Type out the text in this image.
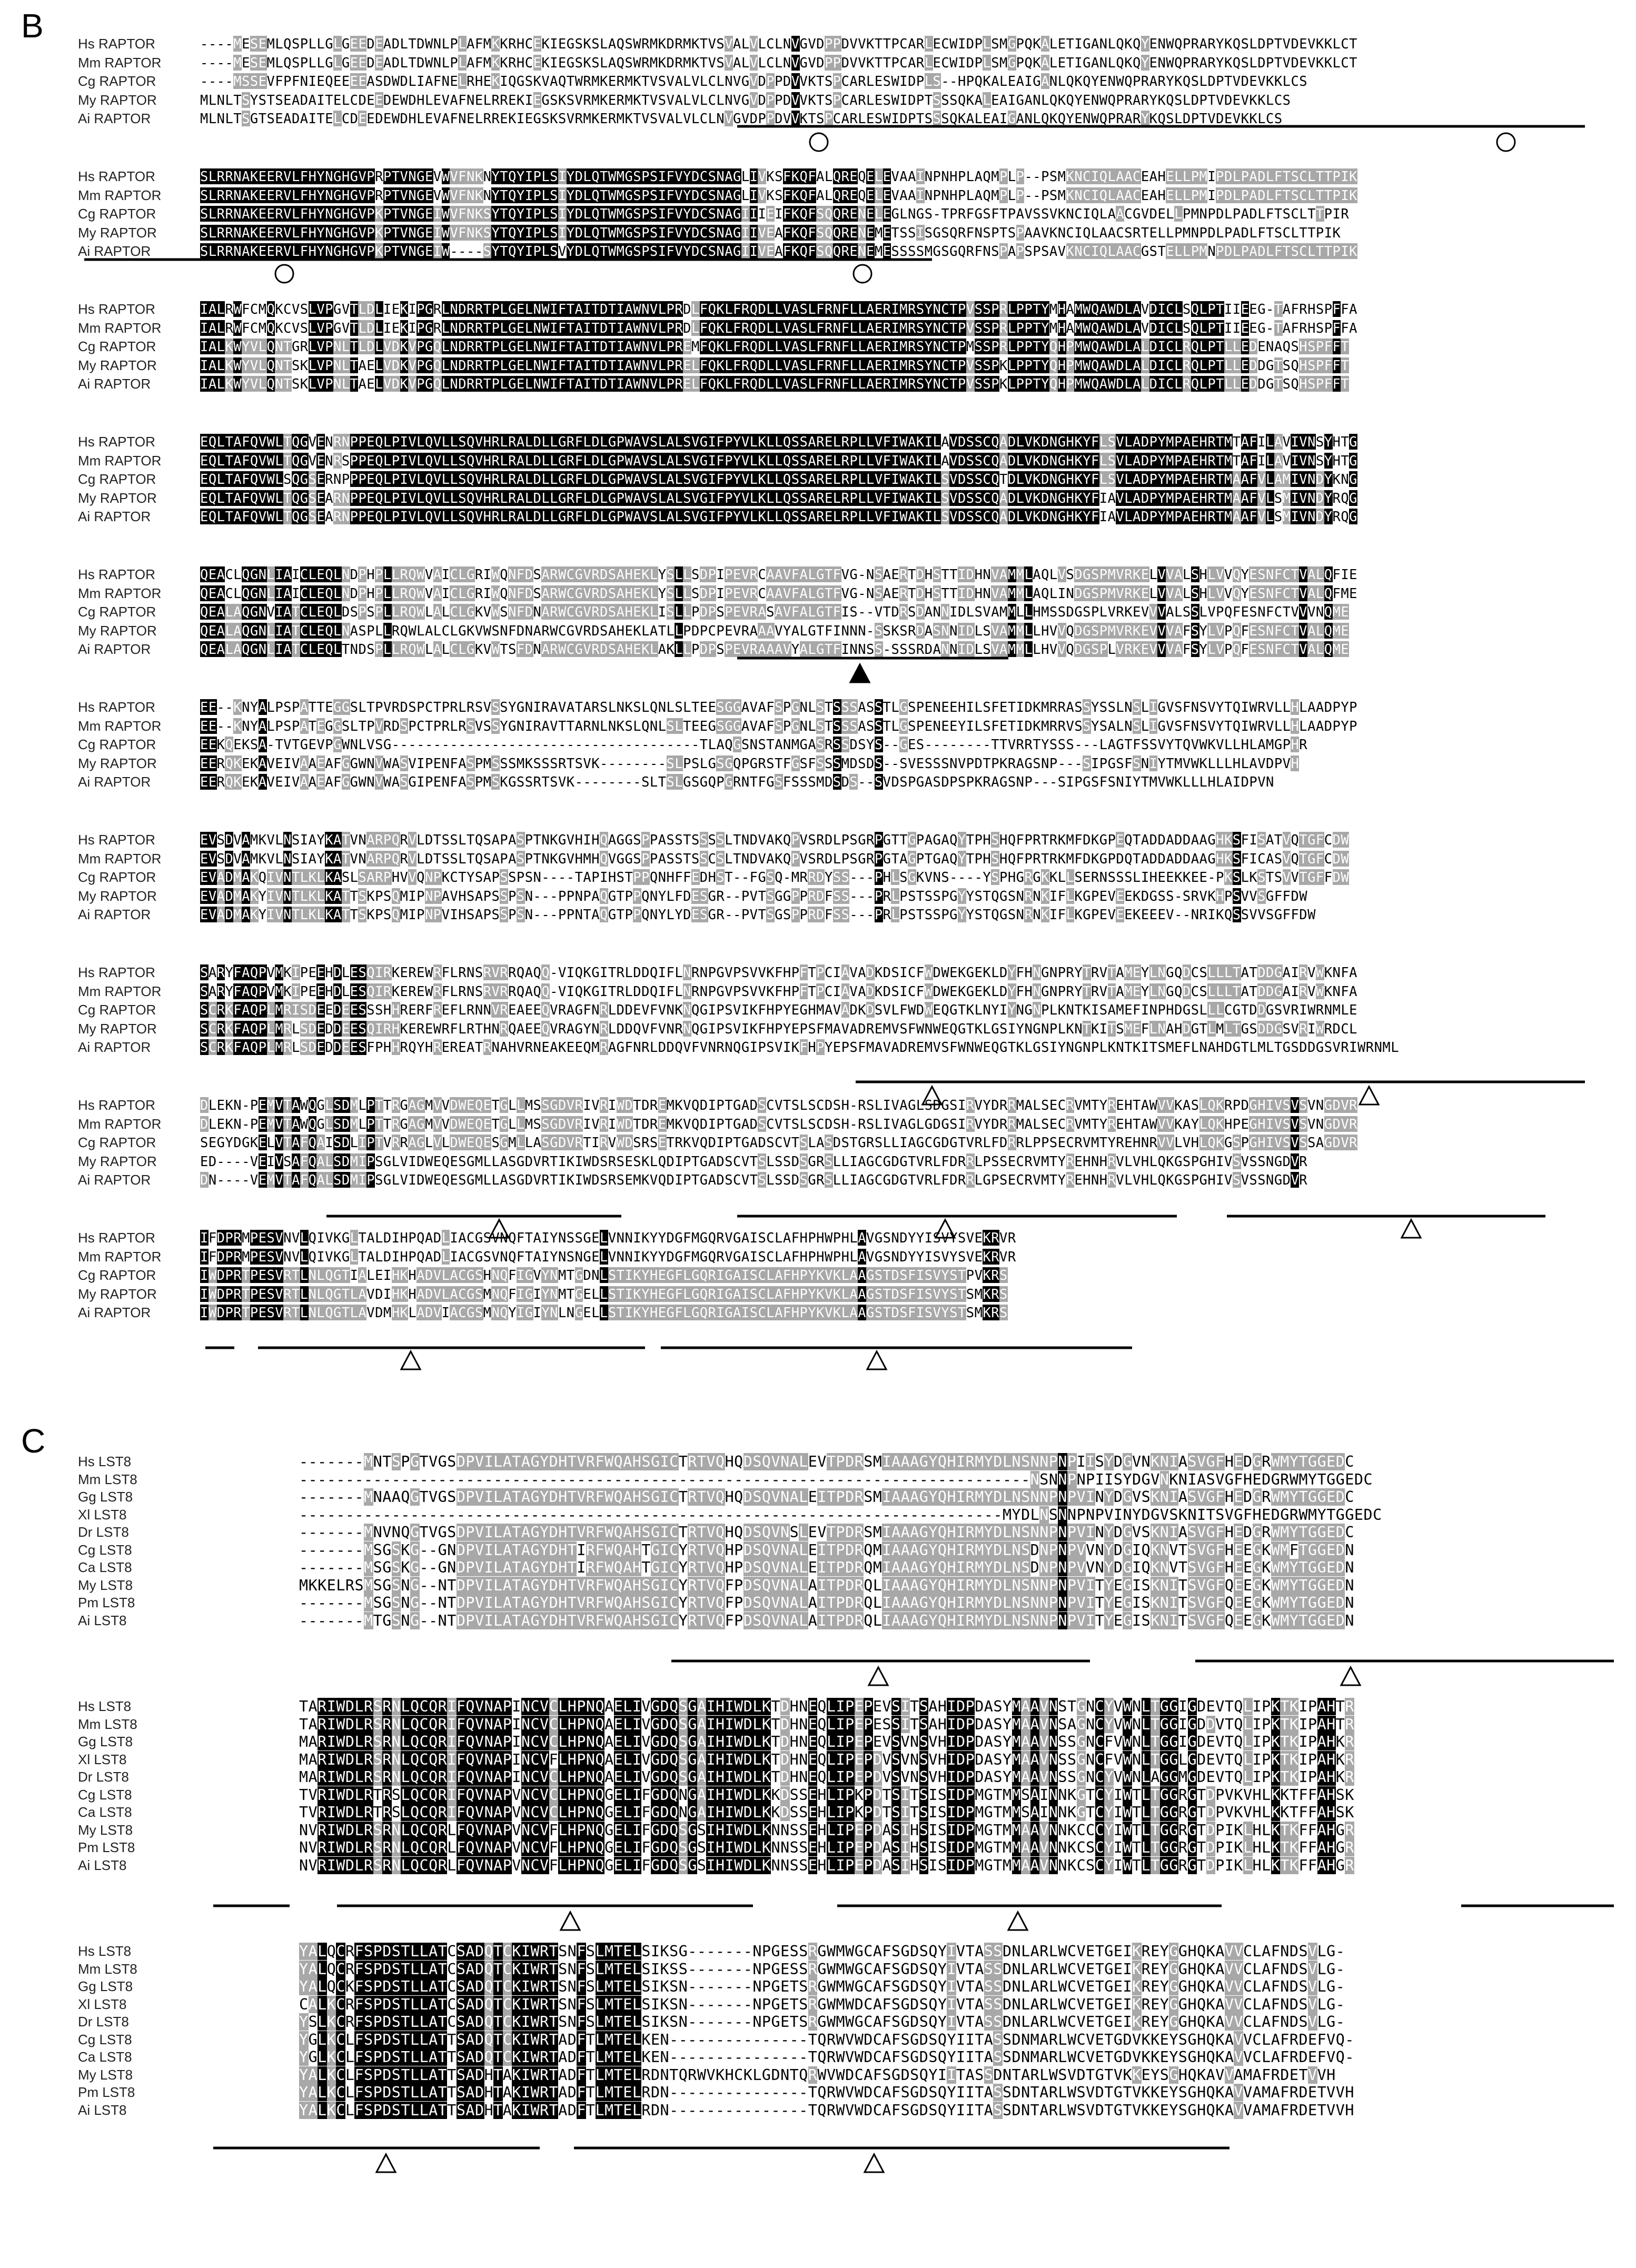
B	Hs RAPTOR	----MESEMLQSPLLGLGEEDEADLTDWNLPLAFMKKRHCEKIEGSKSLAQSWRMKDRMKTVSVALVLCLNVGVDPPDVVKTTPCARLECWIDPLSMGPQKALETIGANLQKQYENWQPRARYKQSLDPTVDEVKKLCT
Mm RAPTOR	----MESEMLQSPLLGLGEEDEADLTDWNLPLAFMKKRHCEKIEGSKSLAQSWRMKDRMKTVSVALVLCLNVGVDPPDVVKTTPCARLECWIDPLSMGPQKALETIGANLQKQYENWQPRARYKQSLDPTVDEVKKLCT
Cg RAPTOR	----MSSEVFPFNIEQEEEEASDWDLIAFNELRHEKIQGSKVAQTWRMKERMKTVSVALVLCLNVGVDPPDVVKTSPCARLESWIDPLS--HPQKALEAIGANLQKQYENWQPRARYKQSLDPTVDEVKKLCS
My RAPTOR	MLNLTSYSTSEADAITELCDEEDEWDHLEVAFNELRREKIEGSKSVRMKERMKTVSVALVLCLNVGVDPPDVVKTSPCARLESWIDPTSSSQKALEAIGANLQKQYENWQPRARYKQSLDPTVDEVKKLCS
Ai RAPTOR	MLNLTSGTSEADAITELCDEEDEWDHLEVAFNELRREKIEGSKSVRMKERMKTVSVALVLCLNVGVDPPDVVKTSPCARLESWIDPTSSSQKALEAIGANLQKQYENWQPRARYKQSLDPTVDEVKKLCS
Hs RAPTOR	SLRRNAKEERVLFHYNGHGVPRPTVNGEVWVFNKNYTQYIPLSIYDLQTWMGSPSIFVYDCSNAGLIVKSFKQFALQREQELEVAAINPNHPLAQMPLP--PSMKNCIQLAACEAHELLPMIPDLPADLFTSCLTTPIK
Mm RAPTOR	SLRRNAKEERVLFHYNGHGVPRPTVNGEVWVFNKNYTQYIPLSIYDLQTWMGSPSIFVYDCSNAGLIVKSFKQFALQREQELEVAAINPNHPLAQMPLP--PSMKNCIQLAACEAHELLPMIPDLPADLFTSCLTTPIK
Cg RAPTOR	SLRRNAKEERVLFHYNGHGVPKPTVNGEIWVFNKSYTQYIPLSIYDLQTWMGSPSIFVYDCSNAGIIIEIFKQFSQQRENELEGLNGS-TPRFGSFTPAVSSVKNCIQLAACGVDELLPMNPDLPADLFTSCLTTPIR
My RAPTOR	SLRRNAKEERVLFHYNGHGVPKPTVNGEIWVFNKSYTQYIPLSIYDLQTWMGSPSIFVYDCSNAGIIVEAFKQFSQQRENEMETSSISGSQRFNSPTSPAAVKNCIQLAACSRTELLPMNPDLPADLFTSCLTTPIK
Ai RAPTOR	SLRRNAKEERVLFHYNGHGVPKPTVNGEIW----SYTQYIPLSVYDLQTWMGSPSIFVYDCSNAGIIVEAFKQFSQQRENEMESSSSMGSGQRFNSPAPSPSAVKNCIQLAACGSTELLPMNPDLPADLFTSCLTTPIK
Hs RAPTOR	IALRWFCMQKCVSLVPGVTLDLIEKIPGRLNDRRTPLGELNWIFTAITDTIAWNVLPRDLFQKLFRQDLLVASLFRNFLLAERIMRSYNCTPVSSPRLPPTYMHAMWQAWDLAVDICLSQLPTIIEEG-TAFRHSPFFA
Mm RAPTOR	IALRWFCMQKCVSLVPGVTLDLIEKIPGRLNDRRTPLGELNWIFTAITDTIAWNVLPRDLFQKLFRQDLLVASLFRNFLLAERIMRSYNCTPVSSPRLPPTYMHAMWQAWDLAVDICLSQLPTIIEEG-TAFRHSPFFA
Cg RAPTOR	IALKWYVLQNTGRLVPNLTLDLVDKVPGQLNDRRTPLGELNWIFTAITDTIAWNVLPREMFQKLFRQDLLVASLFRNFLLAERIMRSYNCTPMSSPRLPPTYQHPMWQAWDLALDICLRQLPTLLEDENAQSHSPFFT
My RAPTOR	IALKWYVLQNTSKLVPNLTAELVDKVPGQLNDRRTPLGELNWIFTAITDTIAWNVLPRELFQKLFRQDLLVASLFRNFLLAERIMRSYNCTPVSSPKLPPTYQHPMWQAWDLALDICLRQLPTLLEDDGTSQHSPFFT
Ai RAPTOR	IALKWYVLQNTSKLVPNLTAELVDKVPGQLNDRRTPLGELNWIFTAITDTIAWNVLPRELFQKLFRQDLLVASLFRNFLLAERIMRSYNCTPVSSPKLPPTYQHPMWQAWDLALDICLRQLPTLLEDDGTSQHSPFFT
Hs RAPTOR	EQLTAFQVWLTQGVENRNPPEQLPIVLQVLLSQVHRLRALDLLGRFLDLGPWAVSLALSVGIFPYVLKLLQSSARELRPLLVFIWAKILAVDSSCQADLVKDNGHKYFLSVLADPYMPAEHRTMTAFILAVIVNSYHTG
Mm RAPTOR	EQLTAFQVWLTQGVENRSPPEQLPIVLQVLLSQVHRLRALDLLGRFLDLGPWAVSLALSVGIFPYVLKLLQSSARELRPLLVFIWAKILAVDSSCQADLVKDNGHKYFLSVLADPYMPAEHRTMTAFILAVIVNSYHTG
Cg RAPTOR	EQLTAFQVWLSQGSERNPPPEQLPIVLQVLLSQVHRLRALDLLGRFLDLGPWAVSLALSVGIFPYVLKLLQSSARELRPLLVFIWAKILSVDSSCQTDLVKDNGHKYFLSVLADPYMPAEHRTMAAFVLAMIVNDYKNG
My RAPTOR	EQLTAFQVWLTQGSEARNPPEQLPIVLQVLLSQVHRLRALDLLGRFLDLGPWAVSLALSVGIFPYVLKLLQSSARELRPLLVFIWAKILSVDSSCQADLVKDNGHKYFIAVLADPYMPAEHRTMAAFVLSMIVNDYRQG
Ai RAPTOR	EQLTAFQVWLTQGSEARNPPEQLPIVLQVLLSQVHRLRALDLLGRFLDLGPWAVSLALSVGIFPYVLKLLQSSARELRPLLVFIWAKILSVDSSCQADLVKDNGHKYFIAVLADPYMPAEHRTMAAFVLSMIVNDYRQG
Hs RAPTOR	QEACLQGNLIAICLEQLNDPHPLLRQWVAICLGRIWQNFDSARWCGVRDSAHEKLYSLLSDPIPEVRCAAVFALGTFVG-NSAERTDHSTTIDHNVAMMLAQLVSDGSPMVRKELVVALSHLVVQYESNFCTVALQFIE
Mm RAPTOR	QEACLQGNLIAICLEQLNDPHPLLRQWVAICLGRIWQNFDSARWCGVRDSAHEKLYSLLSDPIPEVRCAAVFALGTFVG-NSAERTDHSTTIDHNVAMMLAQLINDGSPMVRKELVVALSHLVVQYESNFCTVALQFME
Cg RAPTOR	QEALAQGNVIATCLEQLDSPSPLLRQWLALCLGKVWSNFDNARWCGVRDSAHEKLISLLPDPSPEVRASAVFALGTFIS--VTDRSDANNIDLSVAMMLLHMSSDGSPLVRKEVVVALSSLVPQFESNFCTVVVNQME
My RAPTOR	QEALAQGNLIATCLEQLNASPLLRQWLALCLGKVWSNFDNARWCGVRDSAHEKLATLLPDPCPEVRAAAVYALGTFINNN-SSKSRDASNNIDLSVAMMLLHVVQDGSPMVRKEVVVAFSYLVPQFESNFCTVALQME
Ai RAPTOR	QEALAQGNLIATCLEQLTNDSPLLRQWLALCLGKVWTSFDNARWCGVRDSAHEKLAKLLPDPSPEVRAAAVYALGTFINNSS-SSSRDANNIDLSVAMMLLHVVQDGSPLVRKEVVVAFSYLVPQFESNFCTVALQME
Hs RAPTOR	EE--KNYALPSPATTEGGSLTPVRDSPCTPRLRSVSSYGNIRAVATARSLNKSLQNLSLTEESGGAVAFSPGNLSTSSSASSTLGSPENEEHILSFETIDKMRRASSYSSLNSLIGVSFNSVYTQIWRVLLHLAADPYP
Mm RAPTOR	EE--KNYALPSPATEGGSLTPVRDSPCTPRLRSVSSYGNIRAVTTARNLNKSLQNLSLTEEGSGGAVAFSPGNLSTSSSASSTLGSPENEEYILSFETIDKMRRVSSYSALNSLIGVSFNSVYTQIWRVLLHLAADPYP
Cg RAPTOR	EEKQEKSA-TVTGEVPGWNLVSG-------------------------------------TLAQGSNSTANMGASRSSDSYS--GES--------TTVRRTYSSS---LAGTFSSVYTQVWKVLLHLAMGPHR
My RAPTOR	EERQKEKAVEIVAAEAFGGWNVWASVIPENFASPMSSSMKSSSRTSVK--------SLPSLGSGQPGRSTFGSFSSSMDSDS--SVESSSNVPDTPKRAGSNP---SIPGSFSNIYTMVWKLLLHLAVDPVH
Ai RAPTOR	EERQKEKAVEIVAAEAFGGWNVWASGIPENFASPMSKGSSRTSVK--------SLTSLGSGQPGRNTFGSFSSSMDSDS--SVDSPGASDPSPKRAGSNP---SIPGSFSNIYTMVWKLLLHLAIDPVN
Hs RAPTOR	EVSDVAMKVLNSIAYKATVNARPQRVLDTSSLTQSAPASPTNKGVHIHQAGGSPPASSTSSSSLTNDVAKQPVSRDLPSGRPGTTGPAGAQYTPHSHQFPRTRKMFDKGPEQTADDADDAAGHKSFISATVQTGFCDW
Mm RAPTOR	EVSDVAMKVLNSIAYKATVNARPQRVLDTSSLTQSAPASPTNKGVHMHQVGGSPPASSTSSCSLTNDVAKQPVSRDLPSGRPGTAGPTGAQYTPHSHQFPRTRKMFDKGPDQTADDADDAAGHKSFICASVQTGFCDW
Cg RAPTOR	EVADMAKQIVNTLKLKASLSARPHVVQNPKCTYSAPSSPSN----TAPIHSTPPQNHFFEDHST--FGSQ-MRRDYSS---PHLSGKVNS----YSPHGRGKKLLSERNSSSLIHEEKKEE-PKSLKSTSVVTGFFDW
My RAPTOR	EVADMAKYIVNTLKLKATTSKPSQMIPNPAVHSAPSSPSN---PPNPAQGTPPQNYLFDESGR--PVTSGGPPRDFSS---PRLPSTSSPGYYSTQGSNRNKIFLKGPEVEEKDGSS-SRVKHPSVVSGFFDW
Ai RAPTOR	EVADMAKYIVNTLKLKATTSKPSQMIPNPVIHSAPSSPSN---PPNTAQGTPPQNYLYDESGR--PVTSGSPPRDFSS---PRLPSTSSPGYYSTQGSNRNKIFLKGPEVEEKEEEV--NRIKQSSVVSGFFDW
Hs RAPTOR	SARYFAQPVMKIPEEHDLESQIRKEREWRFLRNSRVRRQAQQ-VIQKGITRLDDQIFLNRNPGVPSVVKFHPFTPCIAVADKDSICFWDWEKGEKLDYFHNGNPRYTRVTAMEYLNGQDCSLLLTATDDGAIRVWKNFA
Mm RAPTOR	SARYFAQPVMKIPEEHDLESQIRKEREWRFLRNSRVRRQAQQ-VIQKGITRLDDQIFLNRNPGVPSVVKFHPFTPCIAVADKDSICFWDWEKGEKLDYFHNGNPRYTRVTAMEYLNGQDCSLLLTATDDGAIRVWKNFA
Cg RAPTOR	SCRKFAQPLMRISDEEDEESSSHHRERFREFLRNNVREAEEQVRAGFNRLDDEVFVNKNQGIPSVIKFHPYEGHMAVADKDSVLFWDWEQGTKLNYIYNGNPLKNTKISAMEFINPHDGSLLLCGTDDGSVRIWRNMLE
My RAPTOR	SCRKFAQPLMRLSDEDDEESQIRHKEREWRFLRTHNRQAEEQVRAGYNRLDDQVFVNRNQGIPSVIKFHPYEPSFMAVADREMVSFWNWEQGTKLGSIYNGNPLKNTKITSMEFLNAHDGTLMLTGSDDGSVRIWRDCL
Ai RAPTOR	SCRKFAQPLMRLSDEDDEESFPHHRQYHREREATRNAHVRNEAKEEQMRAGFNRLDDQVFVNRNQGIPSVIKFHPYEPSFMAVADREMVSFWNWEQGTKLGSIYNGNPLKNTKITSMEFLNAHDGTLMLTGSDDGSVRIWRNML
Hs RAPTOR	DLEKN-PEMVTAWQGLSDMLPTTRGAGMVVDWEQETGLLMSSGDVRIVRIWDTDREMKVQDIPTGADSCVTSLSCDSH-RSLIVAGLSDGSIRVYDRRMALSECRVMTYREHTAWVVKASLQKRPDGHIVSVSVNGDVR
Mm RAPTOR	DLEKN-PEMVTAWQGLSDMLPTTRGAGMVVDWEQETGLLMSSGDVRIVRIWDTDREMKVQDIPTGADSCVTSLSCDSH-RSLIVAGLGDGSIRVYDRRMALSECRVMTYREHTAWVVKAYLQKHPEGHIVSVSVNGDVR
Cg RAPTOR	SEGYDGKELVTAFQAISDLIPTVRRAGLVLDWEQESGMLLASGDVRTIRVWDSRSETRKVQDIPTGADSCVTSLASDSTGRSLLIAGCGDGTVRLFDRRLPPSECRVMTYREHNRVVLVHLQKGSPGHIVSVSSAGDVR
My RAPTOR	ED----VEIVSAFQALSDMIPSGLVIDWEQESGMLLASGDVRTIKIWDSRSESKLQDIPTGADSCVTSLSSDSGRSLLIAGCGDGTVRLFDRRLPSSECRVMTYREHNHRVLVHLQKGSPGHIVSVSSNGDVR
Ai RAPTOR	DN----VEMVTAFQALSDMIPSGLVIDWEQESGMLLASGDVRTIKIWDSRSEMKVQDIPTGADSCVTSLSSDSGRSLLIAGCGDGTVRLFDRRLGPSECRVMTYREHNHRVLVHLQKGSPGHIVSVSSNGDVR
Hs RAPTOR	IFDPRMPESVNVLQIVKGLTALDIHPQADLIACGSVNQFTAIYNSSGELVNNIKYYDGFMGQRVGAISCLAFHPHWPHLAVGSNDYYISVYSVEKRVR
Mm RAPTOR	IFDPRMPESVNVLQIVKGLTALDIHPQADLIACGSVNQFTAIYNSNGELVNNIKYYDGFMGQRVGAISCLAFHPHWPHLAVGSNDYYISVYSVEKRVR
Cg RAPTOR	IWDPRTPESVRTLNLQGTIALEIHKHADVLACGSHNQFIGVYNMTGDNLSTIKYHEGFLGQRIGAISCLAFHPYKVKLAAGSTDSFISVYSTPVKRS
My RAPTOR	IWDPRTPESVRTLNLQGTLAVDIHKHADVLACGSMNQFIGIYNMTGELLSTIKYHEGFLGQRIGAISCLAFHPYKVKLAAGSTDSFISVYSTSMKRS
Ai RAPTOR	IWDPRTPESVRTLNLQGTLAVDMHKLADVIACGSMNQYIGIYNLNGELLSTIKYHEGFLGQRIGAISCLAFHPYKVKLAAGSTDSFISVYSTSMKRS
C
Hs LST8	-------MNTSPGTVGSDPVILATAGYDHTVRFWQAHSGICTRTVQHQDSQVNALEVTPDRSMIAAAGYQHIRMYDLNSNNPNPIISYDGVNKNIASVGFHEDGRWMYTGGEDC
Mm LST8	-------------------------------------------------------------------------------NSNNPNPIISYDGVNKNIASVGFHEDGRWMYTGGEDC
Gg LST8	-------MNAAQGTVGSDPVILATAGYDHTVRFWQAHSGICTRTVQHQDSQVNALEITPDRSMIAAAGYQHIRMYDLNSNNPNPVINYDGVSKNIASVGFHEDGRWMYTGGEDC
Xl LST8	----------------------------------------------------------------------------MYDLNSNNPNPVINYDGVSKNITSVGFHEDGRWMYTGGEDC
Dr LST8	-------MNVNQGTVGSDPVILATAGYDHTVRFWQAHSGICTRTVQHQDSQVNSLEVTPDRSMIAAAGYQHIRMYDLNSNNPNPVINYDGVSKNIASVGFHEDGRWMYTGGEDC
Cg LST8	-------MSGSKG--GNDPVILATAGYDHTIRFWQAHTGICYRTVQHPDSQVNALEITPDRQMIAAAGYQHIRMYDLNSDNPNPVVNYDGIQKNVTSVGFHEEGKWMFTGGEDN
Ca LST8	-------MSGSKG--GNDPVILATAGYDHTIRFWQAHTGICYRTVQHPDSQVNALEITPDRQMIAAAGYQHIRMYDLNSDNPNPVVNYDGIQKNVTSVGFHEEGKWMYTGGEDN
My LST8	MKKELRSMSGSNG--NTDPVILATAGYDHTVRFWQAHSGICYRTVQFPDSQVNALAITPDRQLIAAAGYQHIRMYDLNSNNPNPVITYEGISKNITSVGFQEEGKWMYTGGEDN
Pm LST8	-------MSGSNG--NTDPVILATAGYDHTVRFWQAHSGICYRTVQFPDSQVNALAITPDRQLIAAAGYQHIRMYDLNSNNPNPVITYEGISKNITSVGFQEEGKWMYTGGEDN
Ai LST8	-------MTGSNG--NTDPVILATAGYDHTVRFWQAHSGICYRTVQFPDSQVNALAITPDRQLIAAAGYQHIRMYDLNSNNPNPVITYEGISKNITSVGFQEEGKWMYTGGEDN
Hs LST8	TARIWDLRSRNLQCQRIFQVNAPINCVCLHPNQAELIVGDQSGAIHIWDLKTDHNEQLIPEPEVSITSAHIDPDASYMAAVNSTGNCYVWNLTGGIGDEVTQLIPKTKIPAHTR
Mm LST8	TARIWDLRSRNLQCQRIFQVNAPINCVCLHPNQAELIVGDQSGAIHIWDLKTDHNEQLIPEPESSITSAHIDPDASYMAAVNSAGNCYVWNLTGGIGDDVTQLIPKTKIPAHTR
Gg LST8	MARIWDLRSRNLQCQRIFQVNAPINCVCLHPNQAELIVGDQSGAIHIWDLKTDHNEQLIPEPEVSVNSVHIDPDASYMAAVNSSGNCFVWNLTGGIGDEVTQLIPKTKIPAHKR
Xl LST8	MARIWDLRSRNLQCQRIFQVNAPINCVFLHPNQAELIVGDQSGAIHIWDLKTDHNEQLIPEPDVSVNSVHIDPDASYMAAVNSSGNCFVWNLTGGLGDEVTQLIPKTKIPAHKR
Dr LST8	MARIWDLRSRNLQCQRIFQVNAPINCVCLHPNQAELIVGDQSGAIHIWDLKTDHNEQLIPEPDVSVNSVHIDPDASYMAAVNSSGNCYVWNLAGGMGDEVTQLIPKTKIPAHKR
Cg LST8	TVRIWDLRTRSLQCQRIFQVNAPVNCVCLHPNQGELIFGDQNGAIHIWDLKKDSSEHLIPKPDTSITSISIDPMGTMMSAINNKGTCYIWTLTGGRGTDPVKVHLKKTFFAHSK
Ca LST8	TVRIWDLRTRSLQCQRIFQVNAPVNCVCLHPNQGELIFGDQNGAIHIWDLKKDSSEHLIPKPDTSITSISIDPMGTMMSAINNKGTCYIWTLTGGRGTDPVKVHLKKTFFAHSK
My LST8	NVRIWDLRSRNLQCQRLFQVNAPVNCVFLHPNQGELIFGDQSGSIHIWDLKNNSSEHLIPEPDASIHSISIDPMGTMMAAVNNKCCCYIWTLTGGRGTDPIKLHLKTKFFAHGR
Pm LST8	NVRIWDLRSRNLQCQRLFQVNAPVNCVFLHPNQGELIFGDQSGSIHIWDLKNNSSEHLIPEPDASIHSISIDPMGTMMAAVNNKCSCYIWTLTGGRGTDPIKLHLKTKFFAHGR
Ai LST8	NVRIWDLRSRNLQCQRLFQVNAPVNCVFLHPNQGELIFGDQSGSIHIWDLKNNSSEHLIPEPDASIHSISIDPMGTMMAAVNNKCSCYIWTLTGGRGTDPIKLHLKTKFFAHGR
Hs LST8	YALQCRFSPDSTLLATCSADQTCKIWRTSNFSLMTELSIKSG-------NPGESSRGWMWGCAFSGDSQYIVTASSDNLARLWCVETGEIKREYGGHQKAVVCLAFNDSVLG-
Mm LST8	YALQCRFSPDSTLLATCSADQTCKIWRTSNFSLMTELSIKSS-------NPGESSRGWMWGCAFSGDSQYIVTASSDNLARLWCVETGEIKREYGGHQKAVVCLAFNDSVLG-
Gg LST8	YALQCKFSPDSTLLATCSADQTCKIWRTSNFSLMTELSIKSN-------NPGETSRGWMWGCAFSGDSQYIVTASSDNLARLWCVETGEIKREYGGHQKAVVCLAFNDSVLG-
Xl LST8	CALKCRFSPDSTLLATCSADQTCKIWRTSNFSLMTELSIKSN-------NPGETSRGWMWDCAFSGDSQYIVTASSDNLARLWCVETGEIKREYGGHQKAVVCLAFNDSVLG-
Dr LST8	YSLKCRFSPDSTLLATCSADQTCKIWRTSNFSLMTELSIKSN-------NPGETSRGWMWGCAFSGDSQYIVTASSDNLARLWCVETGEIKREYGGHQKAVVCLAFNDSVLG-
Cg LST8	YGLKCLFSPDSTLLATTSADQTCKIWRTADFTLMTELKEN---------------TQRWVWDCAFSGDSQYIITASSDNMARLWCVETGDVKKEYSGHQKAVVCLAFRDEFVQ-
Ca LST8	YGLKCLFSPDSTLLATTSADQTCKIWRTADFTLMTELKEN---------------TQRWVWDCAFSGDSQYIITASSDNMARLWCVETGDVKKEYSGHQKAVVCLAFRDEFVQ-
My LST8	YALKCLFSPDSTLLATTSADHTAKIWRTADFTLMTELRDNTQRWVKHCKLGDNTQRWVWDCAFSGDSQYIITASSDNTARLWSVDTGTVKKEYSGHQKAVVAMAFRDETVVH
Pm LST8	YALKCLFSPDSTLLATTSADHTAKIWRTADFTLMTELRDN---------------TQRWVWDCAFSGDSQYIITASSDNTARLWSVDTGTVKKEYSGHQKAVVAMAFRDETVVH
Ai LST8	YALKCLFSPDSTLLATTSADHTAKIWRTADFTLMTELRDN---------------TQRWVWDCAFSGDSQYIITASSDNTARLWSVDTGTVKKEYSGHQKAVVAMAFRDETVVH
